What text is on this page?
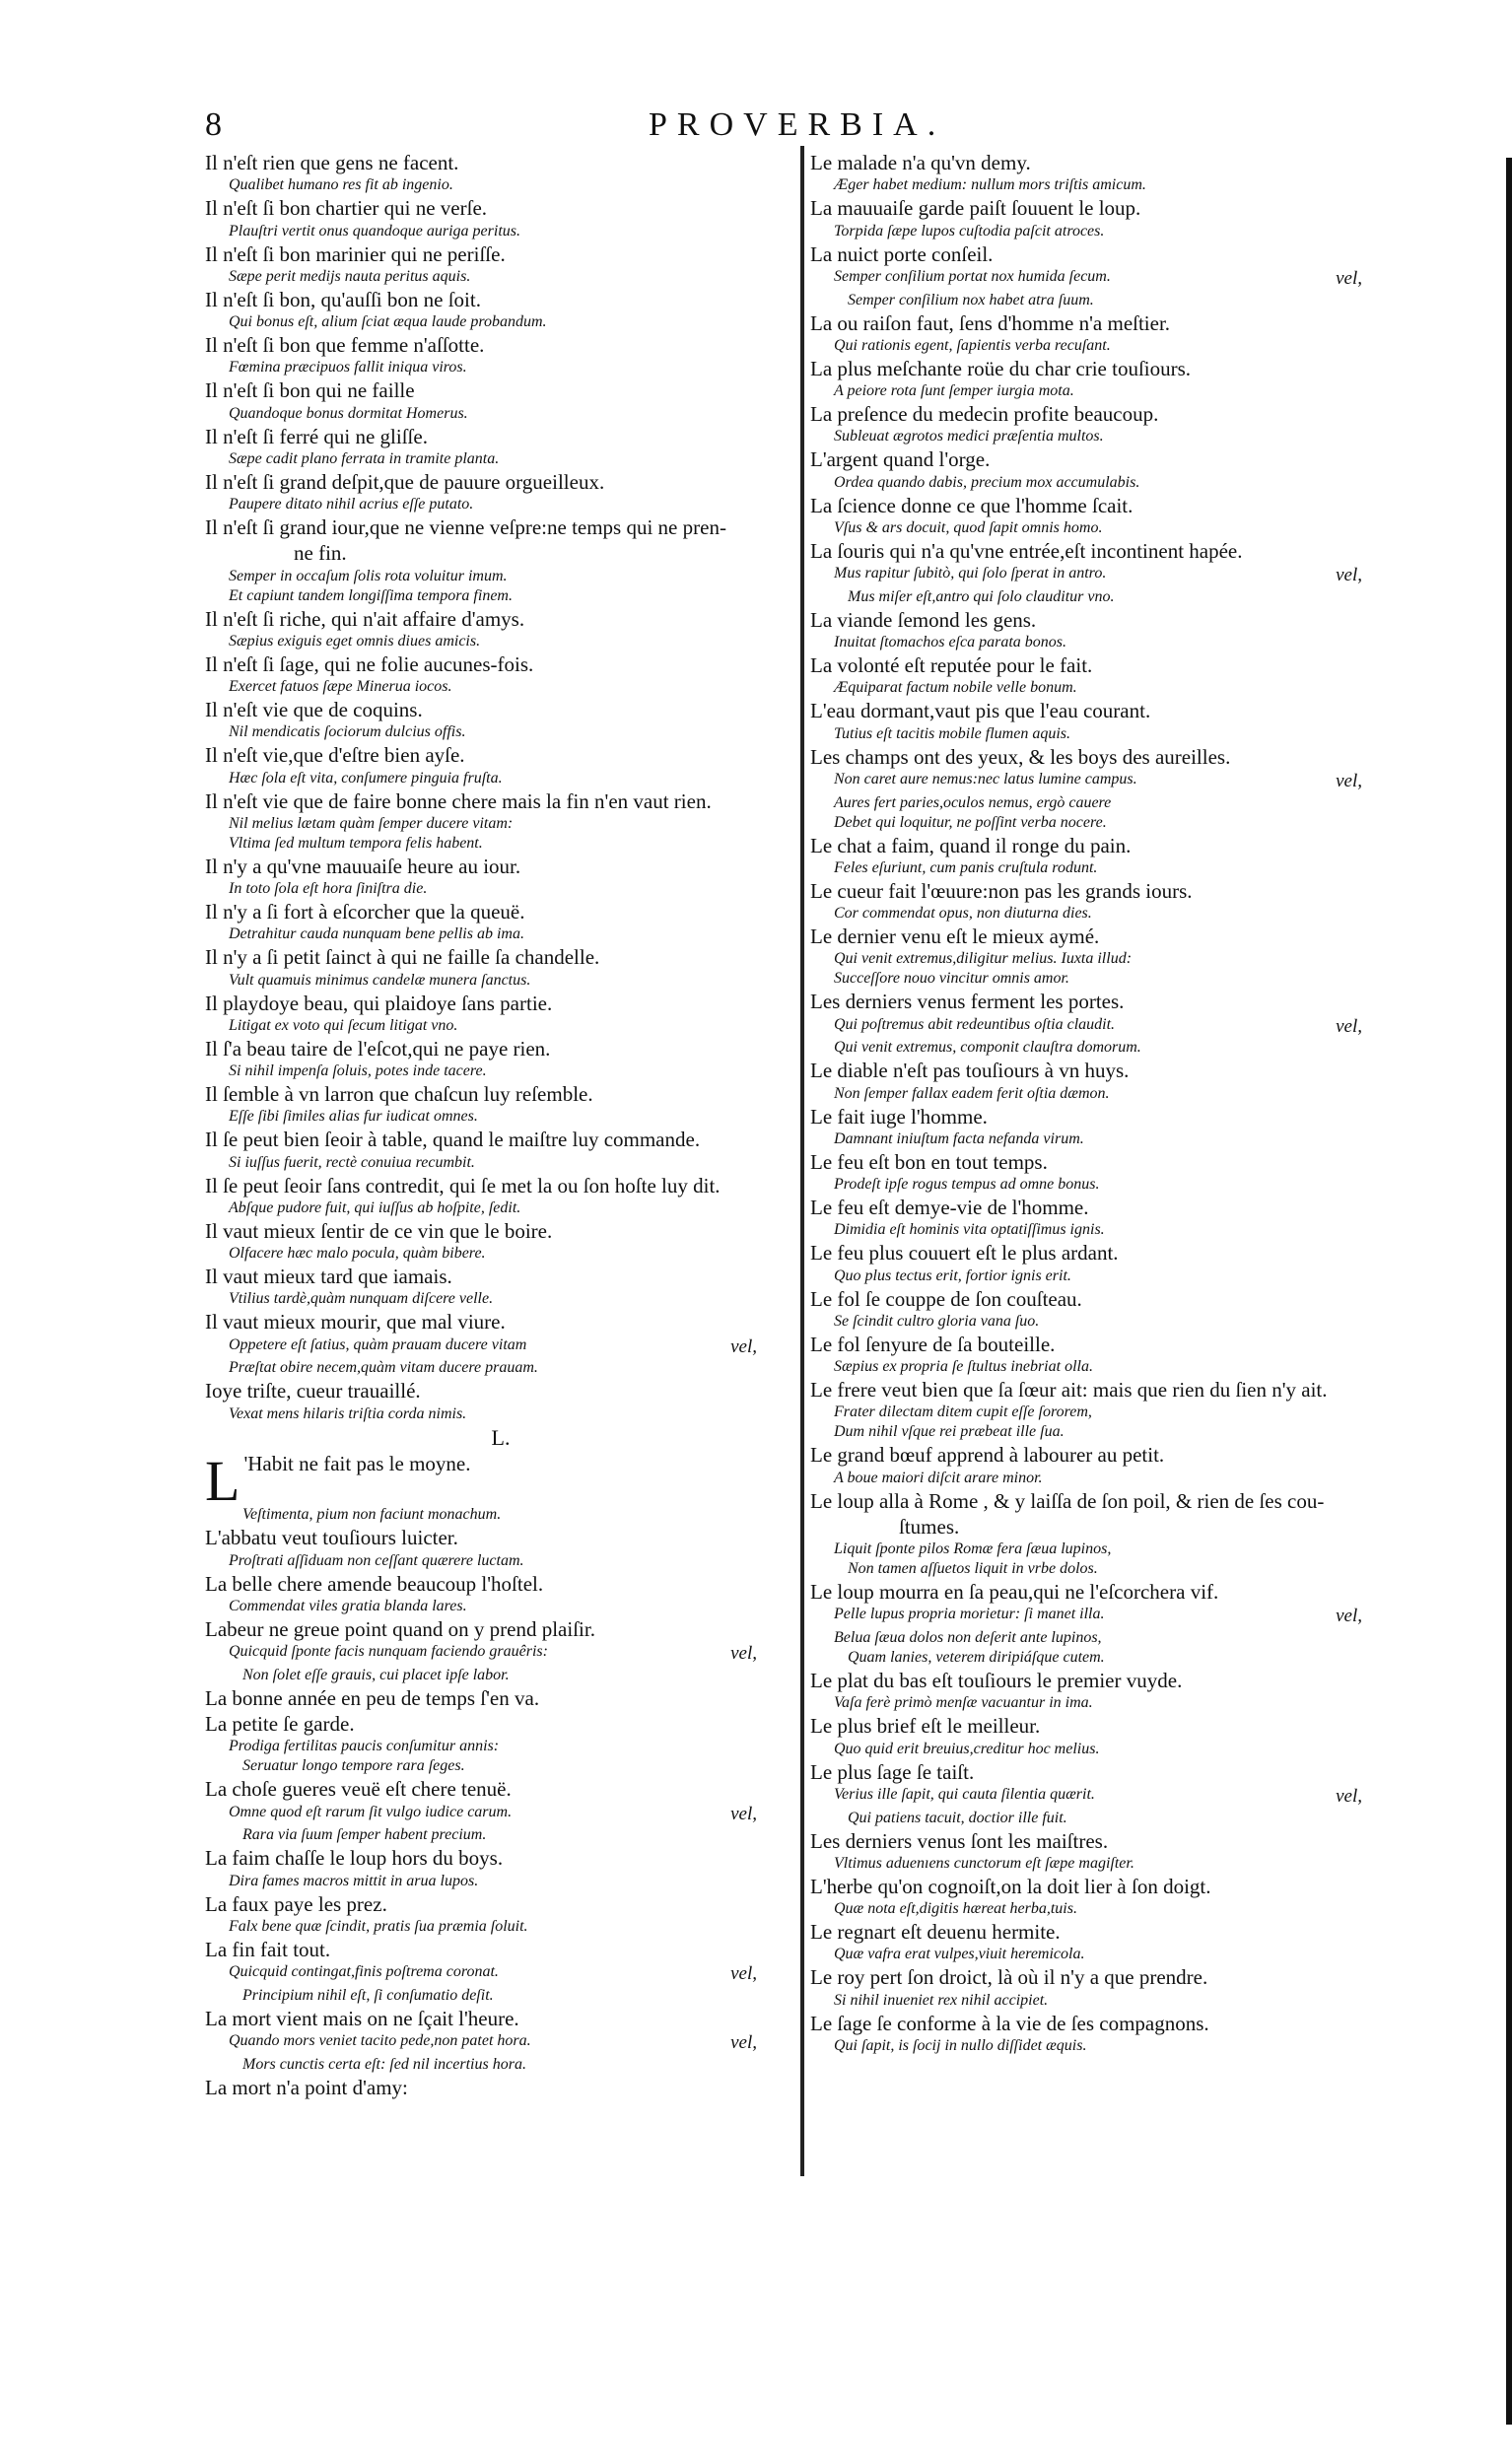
8	PROVERBIA.
Il n'eſt rien que gens ne facent.
Qualibet humano res fit ab ingenio.
Il n'eſt ſi bon chartier qui ne verſe.
Plauſtri vertit onus quandoque auriga peritus.
Il n'eſt ſi bon marinier qui ne periſſe.
Sæpe perit medijs nauta peritus aquis.
Il n'eſt ſi bon, qu'auſſi bon ne ſoit.
Qui bonus eſt, alium ſciat æqua laude probandum.
Il n'eſt ſi bon que femme n'aſſotte.
Fœmina præcipuos fallit iniqua viros.
Il n'eſt ſi bon qui ne faille
Quandoque bonus dormitat Homerus.
Il n'eſt ſi ferré qui ne gliſſe.
Sæpe cadit plano ferrata in tramite planta.
Il n'eſt ſi grand deſpit,que de pauure orgueilleux.
Paupere ditato nihil acrius eſſe putato.
Il n'eſt ſi grand iour,que ne vienne veſpre:ne temps qui ne pren-
ne fin.
Semper in occaſum ſolis rota voluitur imum.
Et capiunt tandem longiſſima tempora finem.
Il n'eſt ſi riche, qui n'ait affaire d'amys.
Sæpius exiguis eget omnis diues amicis.
Il n'eſt ſi ſage, qui ne folie aucunes-fois.
Exercet fatuos ſæpe Minerua iocos.
Il n'eſt vie que de coquins.
Nil mendicatis ſociorum dulcius offis.
Il n'eſt vie,que d'eſtre bien ayſe.
Hæc ſola eſt vita, conſumere pinguia fruſta.
Il n'eſt vie que de faire bonne chere mais la fin n'en vaut rien.
Nil melius lætam quàm ſemper ducere vitam:
Vltima ſed multum tempora felis habent.
Il n'y a qu'vne mauuaiſe heure au iour.
In toto ſola eſt hora ſiniſtra die.
Il n'y a ſi fort à eſcorcher que la queuë.
Detrahitur cauda nunquam bene pellis ab ima.
Il n'y a ſi petit ſainct à qui ne faille ſa chandelle.
Vult quamuis minimus candelæ munera ſanctus.
Il playdoye beau, qui plaidoye ſans partie.
Litigat ex voto qui ſecum litigat vno.
Il ſ'a beau taire de l'eſcot,qui ne paye rien.
Si nihil impenſa ſoluis, potes inde tacere.
Il ſemble à vn larron que chaſcun luy reſemble.
Eſſe ſibi ſimiles alias fur iudicat omnes.
Il ſe peut bien ſeoir à table, quand le maiſtre luy commande.
Si iuſſus fuerit, rectè conuiua recumbit.
Il ſe peut ſeoir ſans contredit, qui ſe met la ou ſon hoſte luy dit.
Abſque pudore fuit, qui iuſſus ab hoſpite, ſedit.
Il vaut mieux ſentir de ce vin que le boire.
Olfacere hæc malo pocula, quàm bibere.
Il vaut mieux tard que iamais.
Vtilius tardè,quàm nunquam diſcere velle.
Il vaut mieux mourir, que mal viure.
vel,
Oppetere eſt ſatius, quàm prauam ducere vitam
Præſtat obire necem,quàm vitam ducere prauam.
Ioye triſte, cueur trauaillé.
Vexat mens hilaris triſtia corda nimis.
L.
L 'Habit ne fait pas le moyne.
Veſtimenta, pium non faciunt monachum.
L'abbatu veut touſiours luicter.
Proſtrati aſſiduam non ceſſant quærere luctam.
La belle chere amende beaucoup l'hoſtel.
Commendat viles gratia blanda lares.
Labeur ne greue point quand on y prend plaiſir.
vel,
Quicquid ſponte facis nunquam faciendo grauêris:
Non ſolet eſſe grauis, cui placet ipſe labor.
La bonne année en peu de temps ſ'en va.
La petite ſe garde.
Prodiga fertilitas paucis conſumitur annis:
Seruatur longo tempore rara ſeges.
La choſe gueres veuë eſt chere tenuë.
vel,
Omne quod eſt rarum ſit vulgo iudice carum.
Rara via ſuum ſemper habent precium.
La faim chaſſe le loup hors du boys.
Dira fames macros mittit in arua lupos.
La faux paye les prez.
Falx bene quæ ſcindit, pratis ſua præmia ſoluit.
La fin fait tout.
vel,
Quicquid contingat,finis poſtrema coronat.
Principium nihil eſt, ſi conſumatio deſit.
La mort vient mais on ne ſçait l'heure.
vel,
Quando mors veniet tacito pede,non patet hora.
Mors cunctis certa eſt: ſed nil incertius hora.
La mort n'a point d'amy:
Le malade n'a qu'vn demy.
Æger habet medium: nullum mors triſtis amicum.
La mauuaiſe garde paiſt ſouuent le loup.
Torpida ſæpe lupos cuſtodia paſcit atroces.
La nuict porte conſeil.
vel,
Semper conſilium portat nox humida ſecum.
Semper conſilium nox habet atra ſuum.
La ou raiſon faut, ſens d'homme n'a meſtier.
Qui rationis egent, ſapientis verba recuſant.
La plus meſchante roüe du char crie touſiours.
A peiore rota ſunt ſemper iurgia mota.
La preſence du medecin profite beaucoup.
Subleuat ægrotos medici præſentia multos.
L'argent quand l'orge.
Ordea quando dabis, precium mox accumulabis.
La ſcience donne ce que l'homme ſcait.
Vſus & ars docuit, quod ſapit omnis homo.
La ſouris qui n'a qu'vne entrée,eſt incontinent hapée.
vel,
Mus rapitur ſubitò, qui ſolo ſperat in antro.
Mus miſer eſt,antro qui ſolo clauditur vno.
La viande ſemond les gens.
Inuitat ſtomachos eſca parata bonos.
La volonté eſt reputée pour le fait.
Æquiparat factum nobile velle bonum.
L'eau dormant,vaut pis que l'eau courant.
Tutius eſt tacitis mobile flumen aquis.
Les champs ont des yeux, & les boys des aureilles.
vel,
Non caret aure nemus:nec latus lumine campus.
Aures fert paries,oculos nemus, ergò cauere
Debet qui loquitur, ne poſſint verba nocere.
Le chat a faim, quand il ronge du pain.
Feles eſuriunt, cum panis cruſtula rodunt.
Le cueur fait l'œuure:non pas les grands iours.
Cor commendat opus, non diuturna dies.
Le dernier venu eſt le mieux aymé.
Qui venit extremus,diligitur melius. Iuxta illud:
Succeſſore nouo vincitur omnis amor.
Les derniers venus ferment les portes.
vel,
Qui poſtremus abit redeuntibus oſtia claudit.
Qui venit extremus, componit clauſtra domorum.
Le diable n'eſt pas touſiours à vn huys.
Non ſemper fallax eadem ferit oſtia dæmon.
Le fait iuge l'homme.
Damnant iniuſtum facta nefanda virum.
Le feu eſt bon en tout temps.
Prodeſt ipſe rogus tempus ad omne bonus.
Le feu eſt demye-vie de l'homme.
Dimidia eſt hominis vita optatiſſimus ignis.
Le feu plus couuert eſt le plus ardant.
Quo plus tectus erit, fortior ignis erit.
Le fol ſe couppe de ſon couſteau.
Se ſcindit cultro gloria vana ſuo.
Le fol ſenyure de ſa bouteille.
Sæpius ex propria ſe ſtultus inebriat olla.
Le frere veut bien que ſa ſœur ait: mais que rien du ſien n'y ait.
Frater dilectam ditem cupit eſſe ſororem,
Dum nihil vſque rei præbeat ille ſua.
Le grand bœuf apprend à labourer au petit.
A boue maiori diſcit arare minor.
Le loup alla à Rome , & y laiſſa de ſon poil, & rien de ſes cou-
ſtumes.
Liquit ſponte pilos Romæ fera ſæua lupinos,
Non tamen aſſuetos liquit in vrbe dolos.
Le loup mourra en ſa peau,qui ne l'eſcorchera vif.
vel,
Pelle lupus propria morietur: ſi manet illa.
Belua ſæua dolos non deſerit ante lupinos,
Quam lanies, veterem diripiáſque cutem.
Le plat du bas eſt touſiours le premier vuyde.
Vaſa ferè primò menſæ vacuantur in ima.
Le plus brief eſt le meilleur.
Quo quid erit breuius,creditur hoc melius.
Le plus ſage ſe taiſt.
vel,
Verius ille ſapit, qui cauta ſilentia quærit.
Qui patiens tacuit, doctior ille fuit.
Les derniers venus ſont les maiſtres.
Vltimus aduenıens cunctorum eſt ſæpe magiſter.
L'herbe qu'on cognoiſt,on la doit lier à ſon doigt.
Quæ nota eſt,digitis hæreat herba,tuis.
Le regnart eſt deuenu hermite.
Quæ vafra erat vulpes,viuit heremicola.
Le roy pert ſon droict, là où il n'y a que prendre.
Si nihil inueniet rex nihil accipiet.
Le ſage ſe conforme à la vie de ſes compagnons.
Qui ſapit, is ſocij in nullo diſſidet æquis.
